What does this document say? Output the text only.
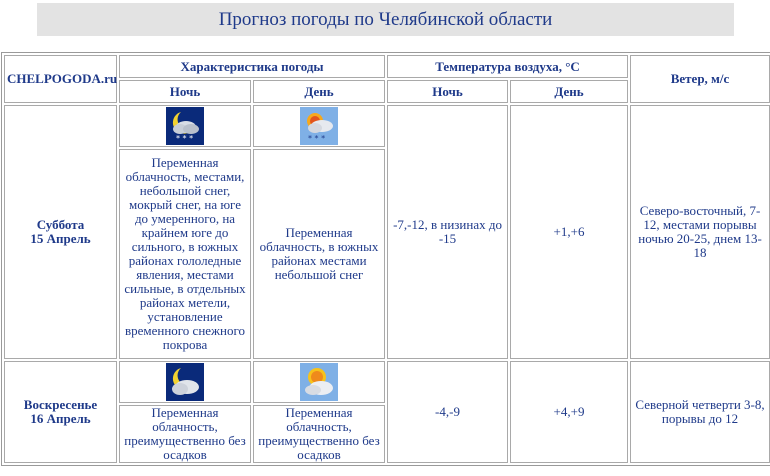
Прогноз погоды по Челябинской области
CHELPOGODA.ru	Характеристика погоды		Температура воздуха, °C		Ветер, м/с
	Ночь	День	Ночь	День	
Суббота
15 Апрель	* * *	* * *	-7,-12, в низинах до -15	+1,+6	Северо-восточный, 7-12, местами порывы ночью 20-25, днем 13-18
	Переменная облачность, местами, небольшой снег, мокрый снег, на юге до умеренного, на крайнем юге до сильного, в южных районах гололедные явления, местами сильные, в отдельных районах метели, установление временного снежного покрова	Переменная облачность, в южных районах местами небольшой снег			
Воскресенье
16 Апрель			-4,-9	+4,+9	Северной четверти 3-8, порывы до 12
	Переменная облачность, преимущественно без осадков	Переменная облачность, преимущественно без осадков			
